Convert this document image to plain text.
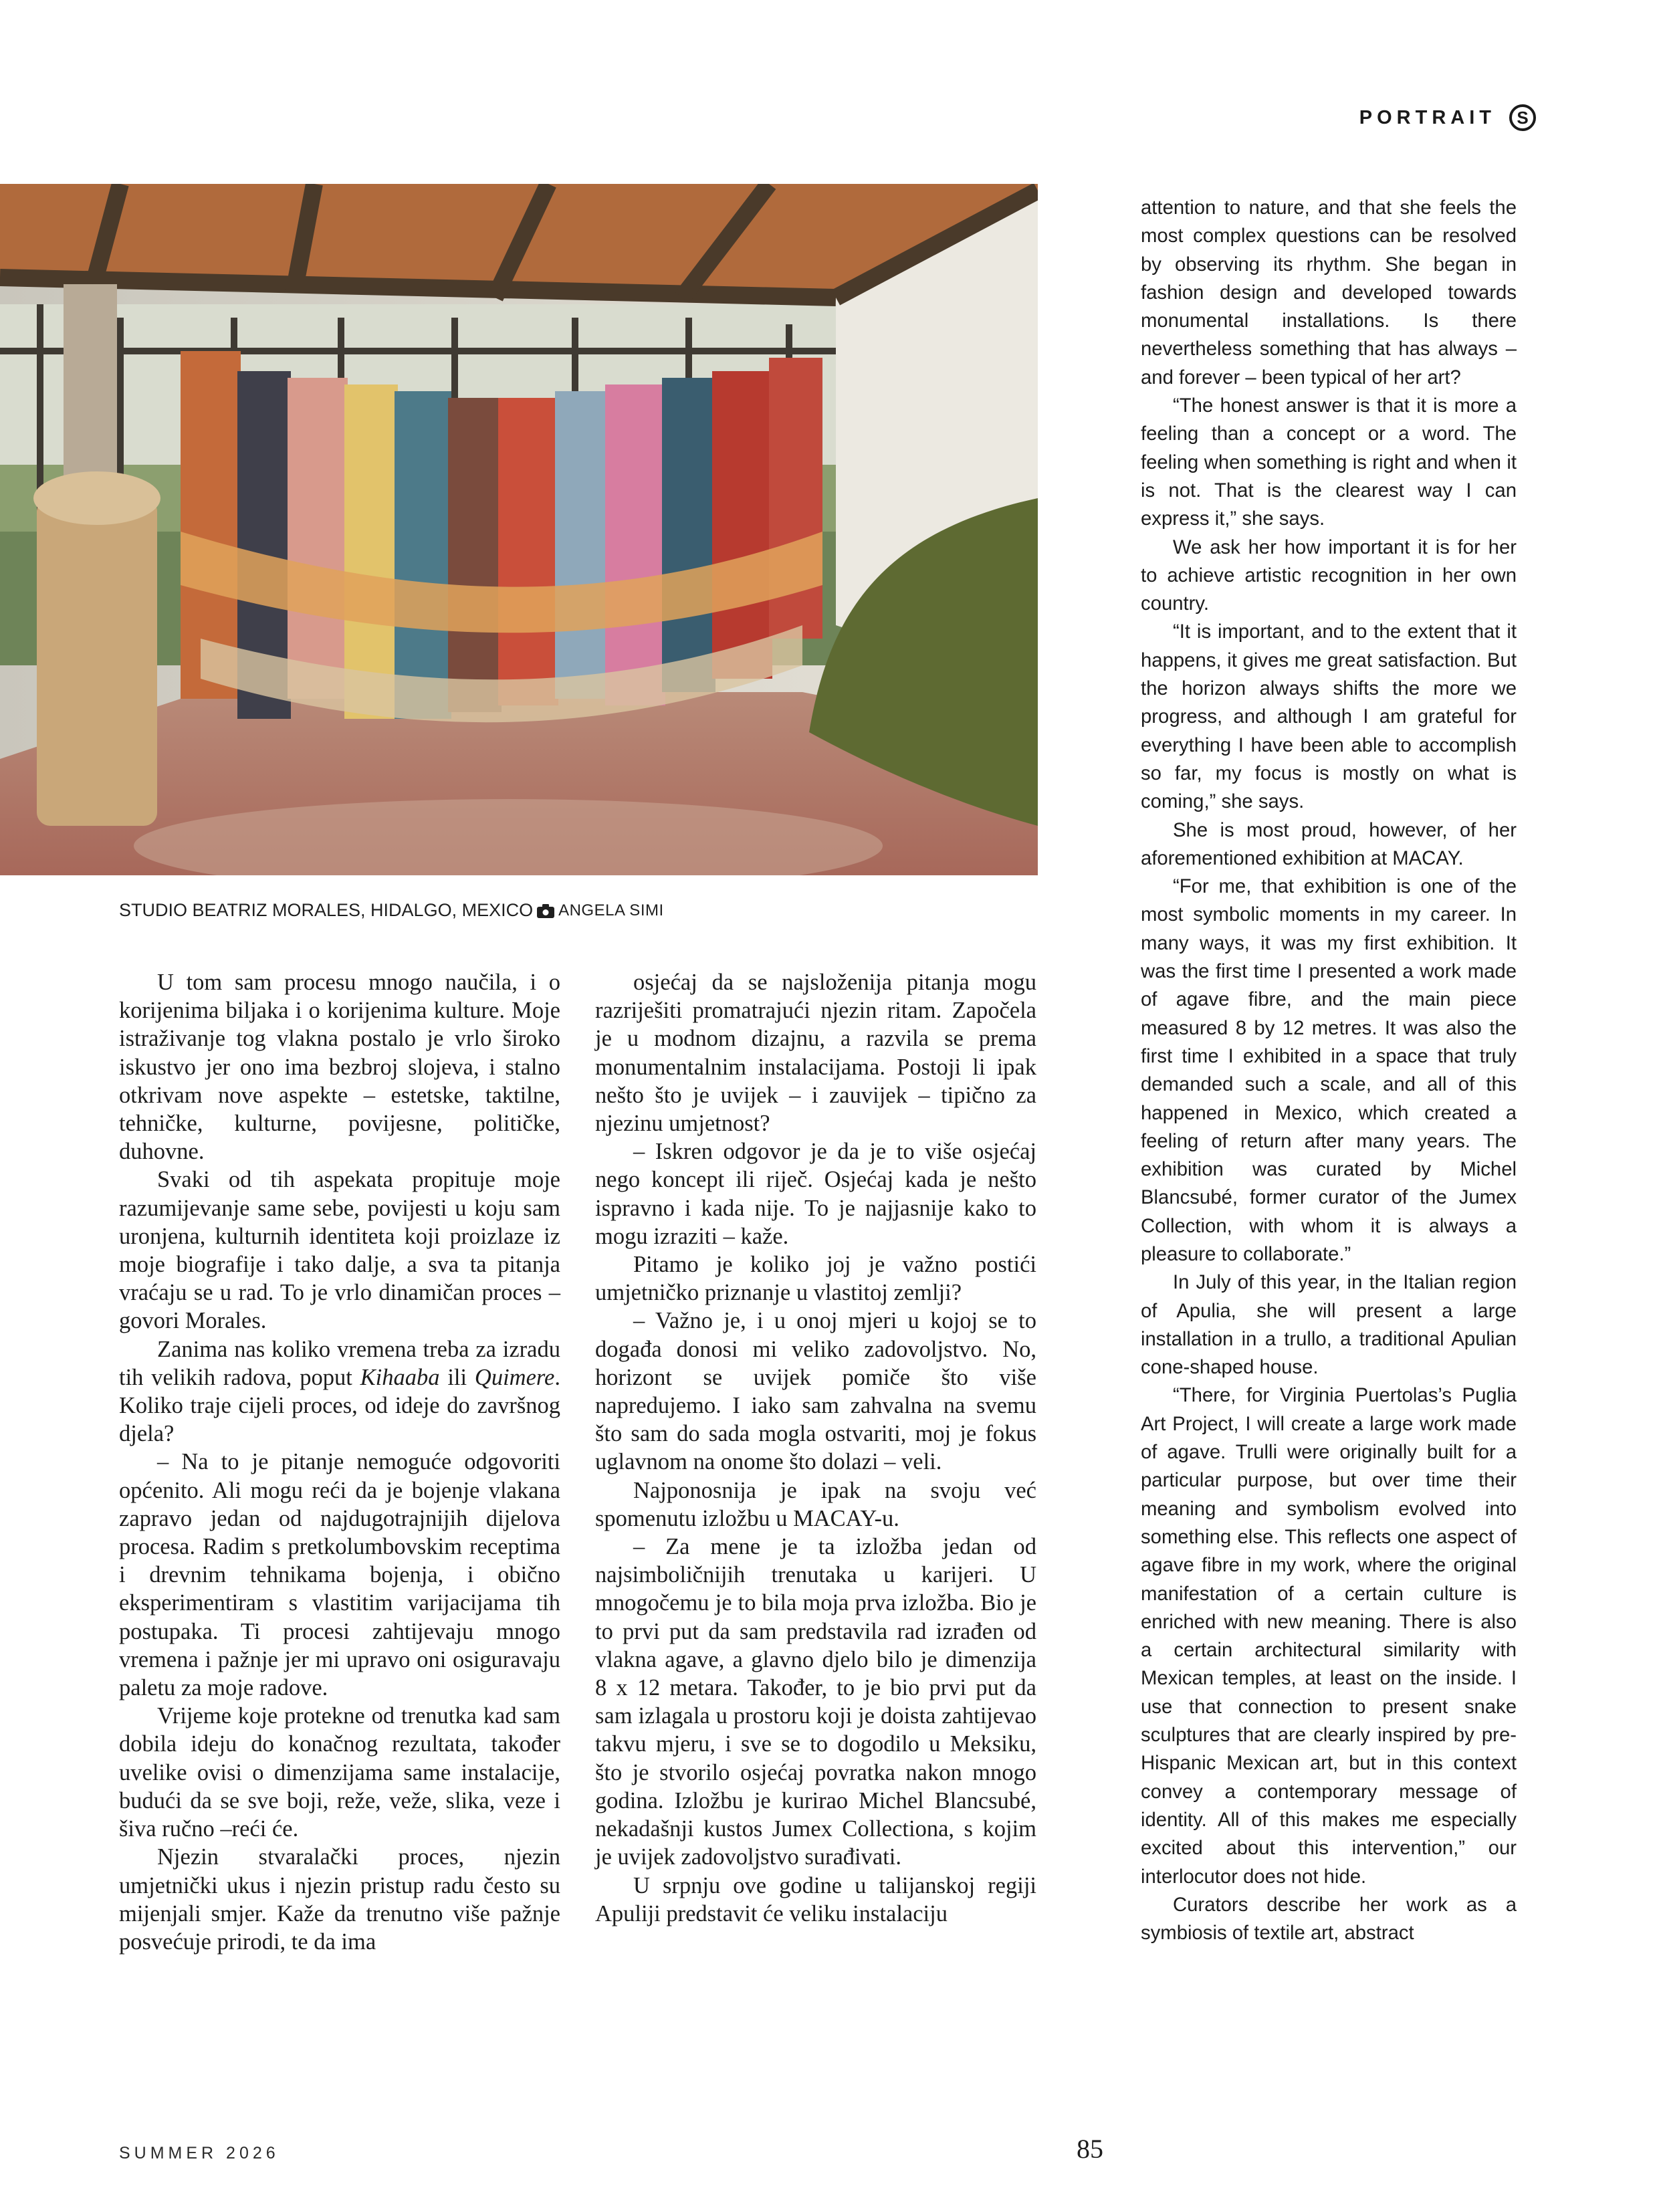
PORTRAIT S
STUDIO BEATRIZ MORALES, HIDALGO, MEXICO ANGELA SIMI

U tom sam procesu mnogo naučila, i o korijenima biljaka i o korijenima kulture. Moje istraživanje tog vlakna postalo je vrlo široko iskustvo jer ono ima bezbroj slojeva, i stalno otkrivam nove aspekte – estetske, taktilne, tehničke, kulturne, povijesne, političke, duhovne.

Svaki od tih aspekata propituje moje razumijevanje same sebe, povijesti u koju sam uronjena, kulturnih identiteta koji proizlaze iz moje biografije i tako dalje, a sva ta pitanja vraćaju se u rad. To je vrlo dinamičan proces – govori Morales.

Zanima nas koliko vremena treba za izradu tih velikih radova, poput Kihaaba ili Quimere. Koliko traje cijeli proces, od ideje do završnog djela?

– Na to je pitanje nemoguće odgovoriti općenito. Ali mogu reći da je bojenje vlakana zapravo jedan od najdugotrajnijih dijelova procesa. Radim s pretkolumbovskim receptima i drevnim tehnikama bojenja, i obično eksperimentiram s vlastitim varijacijama tih postupaka. Ti procesi zahtijevaju mnogo vremena i pažnje jer mi upravo oni osiguravaju paletu za moje radove.

Vrijeme koje protekne od trenutka kad sam dobila ideju do konačnog rezultata, također uvelike ovisi o dimenzijama same instalacije, budući da se sve boji, reže, veže, slika, veze i šiva ručno –reći će.

Njezin stvaralački proces, njezin umjetnički ukus i njezin pristup radu često su mijenjali smjer. Kaže da trenutno više pažnje posvećuje prirodi, te da ima

osjećaj da se najsloženija pitanja mogu razriješiti promatrajući njezin ritam. Započela je u modnom dizajnu, a razvila se prema monumentalnim instalacijama. Postoji li ipak nešto što je uvijek – i zauvijek – tipično za njezinu umjetnost?

– Iskren odgovor je da je to više osjećaj nego koncept ili riječ. Osjećaj kada je nešto ispravno i kada nije. To je najjasnije kako to mogu izraziti – kaže.

Pitamo je koliko joj je važno postići umjetničko priznanje u vlastitoj zemlji?

– Važno je, i u onoj mjeri u kojoj se to događa donosi mi veliko zadovoljstvo. No, horizont se uvijek pomiče što više napredujemo. I iako sam zahvalna na svemu što sam do sada mogla ostvariti, moj je fokus uglavnom na onome što dolazi – veli.

Najponosnija je ipak na svoju već spomenutu izložbu u MACAY-u.

– Za mene je ta izložba jedan od najsimboličnijih trenutaka u karijeri. U mnogočemu je to bila moja prva izložba. Bio je to prvi put da sam predstavila rad izrađen od vlakna agave, a glavno djelo bilo je dimenzija 8 x 12 metara. Također, to je bio prvi put da sam izlagala u prostoru koji je doista zahtijevao takvu mjeru, i sve se to dogodilo u Meksiku, što je stvorilo osjećaj povratka nakon mnogo godina. Izložbu je kurirao Michel Blancsubé, nekadašnji kustos Jumex Collectiona, s kojim je uvijek zadovoljstvo surađivati.

U srpnju ove godine u talijanskoj regiji Apuliji predstavit će veliku instalaciju

attention to nature, and that she feels the most complex questions can be resolved by observing its rhythm. She began in fashion design and developed towards monumental installations. Is there nevertheless something that has always – and forever – been typical of her art?

“The honest answer is that it is more a feeling than a concept or a word. The feeling when something is right and when it is not. That is the clearest way I can express it,” she says.

We ask her how important it is for her to achieve artistic recognition in her own country.

“It is important, and to the extent that it happens, it gives me great satisfaction. But the horizon always shifts the more we progress, and although I am grateful for everything I have been able to accomplish so far, my focus is mostly on what is coming,” she says.

She is most proud, however, of her aforementioned exhibition at MACAY.

“For me, that exhibition is one of the most symbolic moments in my career. In many ways, it was my first exhibition. It was the first time I presented a work made of agave fibre, and the main piece measured 8 by 12 metres. It was also the first time I exhibited in a space that truly demanded such a scale, and all of this happened in Mexico, which created a feeling of return after many years. The exhibition was curated by Michel Blancsubé, former curator of the Jumex Collection, with whom it is always a pleasure to collaborate.”

In July of this year, in the Italian region of Apulia, she will present a large installation in a trullo, a traditional Apulian cone-shaped house.

“There, for Virginia Puertolas’s Puglia Art Project, I will create a large work made of agave. Trulli were originally built for a particular purpose, but over time their meaning and symbolism evolved into something else. This reflects one aspect of agave fibre in my work, where the original manifestation of a certain culture is enriched with new meaning. There is also a certain architectural similarity with Mexican temples, at least on the inside. I use that connection to present snake sculptures that are clearly inspired by pre-Hispanic Mexican art, but in this context convey a contemporary message of identity. All of this makes me especially excited about this intervention,” our interlocutor does not hide.

Curators describe her work as a symbiosis of textile art, abstract

SUMMER 2026	85
